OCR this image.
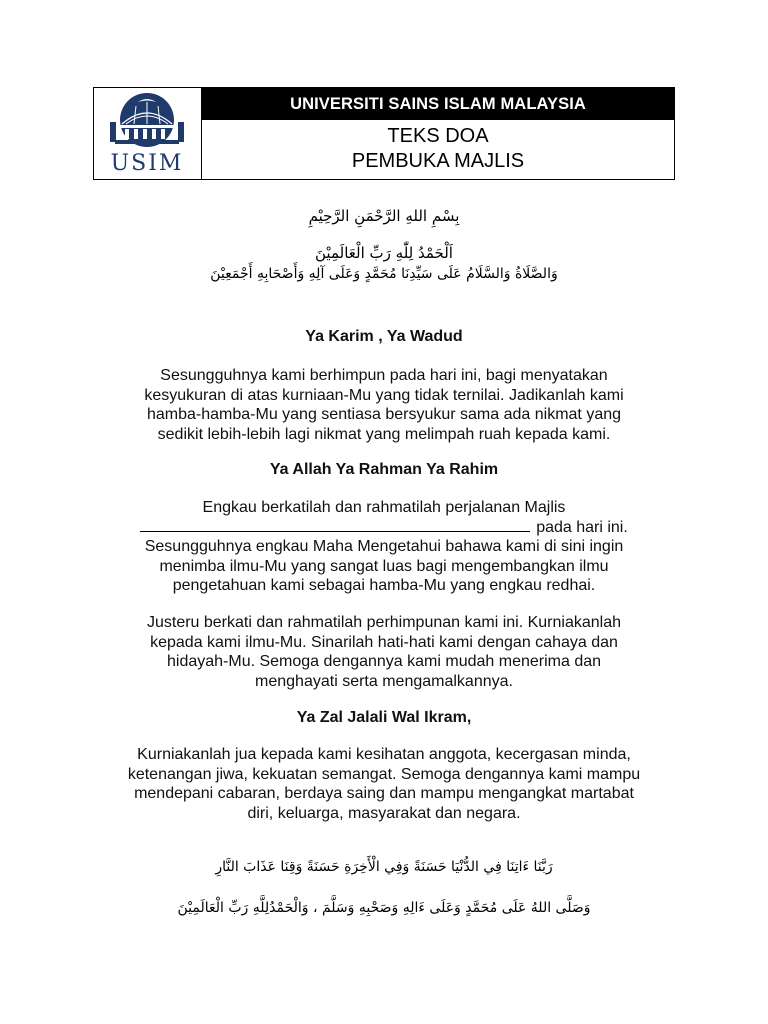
USIM
UNIVERSITI SAINS ISLAM MALAYSIA
TEKS DOA
PEMBUKA MAJLIS
بِسْمِ اللهِ الرَّحْمَنِ الرَّحِيْمِ
اَلْحَمْدُ لِلّٰهِ رَبِّ الْعَالَمِيْنَ
وَالصَّلَاةُ وَالسَّلَامُ عَلَى سَيِّدِنَا مُحَمَّدٍ وَعَلَى آلِهِ وَأَصْحَابِهِ أَجْمَعِيْنَ
Ya Karim , Ya Wadud
Sesungguhnya kami berhimpun pada hari ini, bagi menyatakan
kesyukuran di atas kurniaan-Mu yang tidak ternilai. Jadikanlah kami
hamba-hamba-Mu yang sentiasa bersyukur sama ada nikmat yang
sedikit lebih-lebih lagi nikmat yang melimpah ruah kepada kami.
Ya Allah Ya Rahman Ya Rahim
Engkau berkatilah dan rahmatilah perjalanan Majlis
pada hari ini.
Sesungguhnya engkau Maha Mengetahui bahawa kami di sini ingin
menimba ilmu-Mu yang sangat luas bagi mengembangkan ilmu
pengetahuan kami sebagai hamba-Mu yang engkau redhai.
Justeru berkati dan rahmatilah perhimpunan kami ini. Kurniakanlah
kepada kami ilmu-Mu. Sinarilah hati-hati kami dengan cahaya dan
hidayah-Mu. Semoga dengannya kami mudah menerima dan
menghayati serta mengamalkannya.
Ya Zal Jalali Wal Ikram,
Kurniakanlah jua kepada kami kesihatan anggota, kecergasan minda,
ketenangan jiwa, kekuatan semangat. Semoga dengannya kami mampu
mendepani cabaran, berdaya saing dan mampu mengangkat martabat
diri, keluarga, masyarakat dan negara.
رَبَّنَا ءَاتِنَا فِي الدُّنْيَا حَسَنَةً وَفِي الْأَخِرَةِ حَسَنَةً وَقِنَا عَذَابَ النَّارِ
وَصَلَّى اللهُ عَلَى مُحَمَّدٍ وَعَلَى ءَالِهِ وَصَحْبِهِ وَسَلَّمَ ، وَالْحَمْدُلِلَّهِ رَبِّ الْعَالَمِيْنَ
